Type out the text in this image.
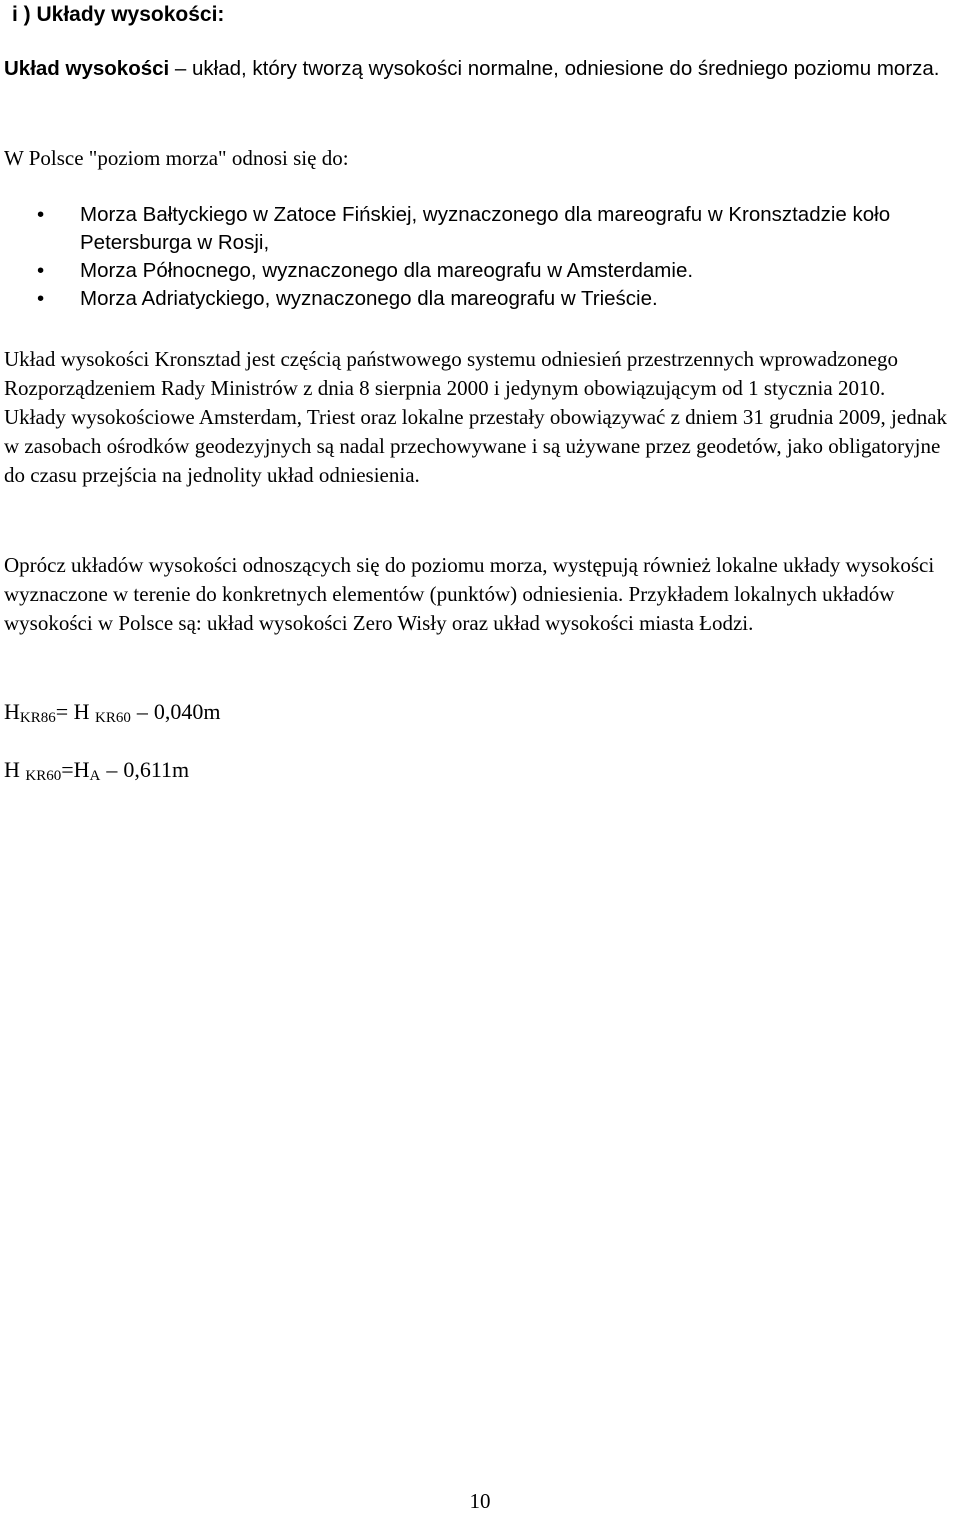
i ) Układy wysokości:
Układ wysokości – układ, który tworzą wysokości normalne, odniesione do średniego poziomu morza.
W Polsce "poziom morza" odnosi się do:
• Morza Bałtyckiego w Zatoce Fińskiej, wyznaczonego dla mareografu w Kronsztadzie koło Petersburga w Rosji,
• Morza Północnego, wyznaczonego dla mareografu w Amsterdamie.
• Morza Adriatyckiego, wyznaczonego dla mareografu w Trieście.
Układ wysokości Kronsztad jest częścią państwowego systemu odniesień przestrzennych wprowadzonego Rozporządzeniem Rady Ministrów z dnia 8 sierpnia 2000 i jedynym obowiązującym od 1 stycznia 2010. Układy wysokościowe Amsterdam, Triest oraz lokalne przestały obowiązywać z dniem 31 grudnia 2009, jednak w zasobach ośrodków geodezyjnych są nadal przechowywane i są używane przez geodetów, jako obligatoryjne do czasu przejścia na jednolity układ odniesienia.
Oprócz układów wysokości odnoszących się do poziomu morza, występują również lokalne układy wysokości wyznaczone w terenie do konkretnych elementów (punktów) odniesienia. Przykładem lokalnych układów wysokości w Polsce są: układ wysokości Zero Wisły oraz układ wysokości miasta Łodzi.
$H_{KR86}= H$ $_{KR60}$ – 0,040m
H $_{KR60}=H_A - 0,611m$
10
